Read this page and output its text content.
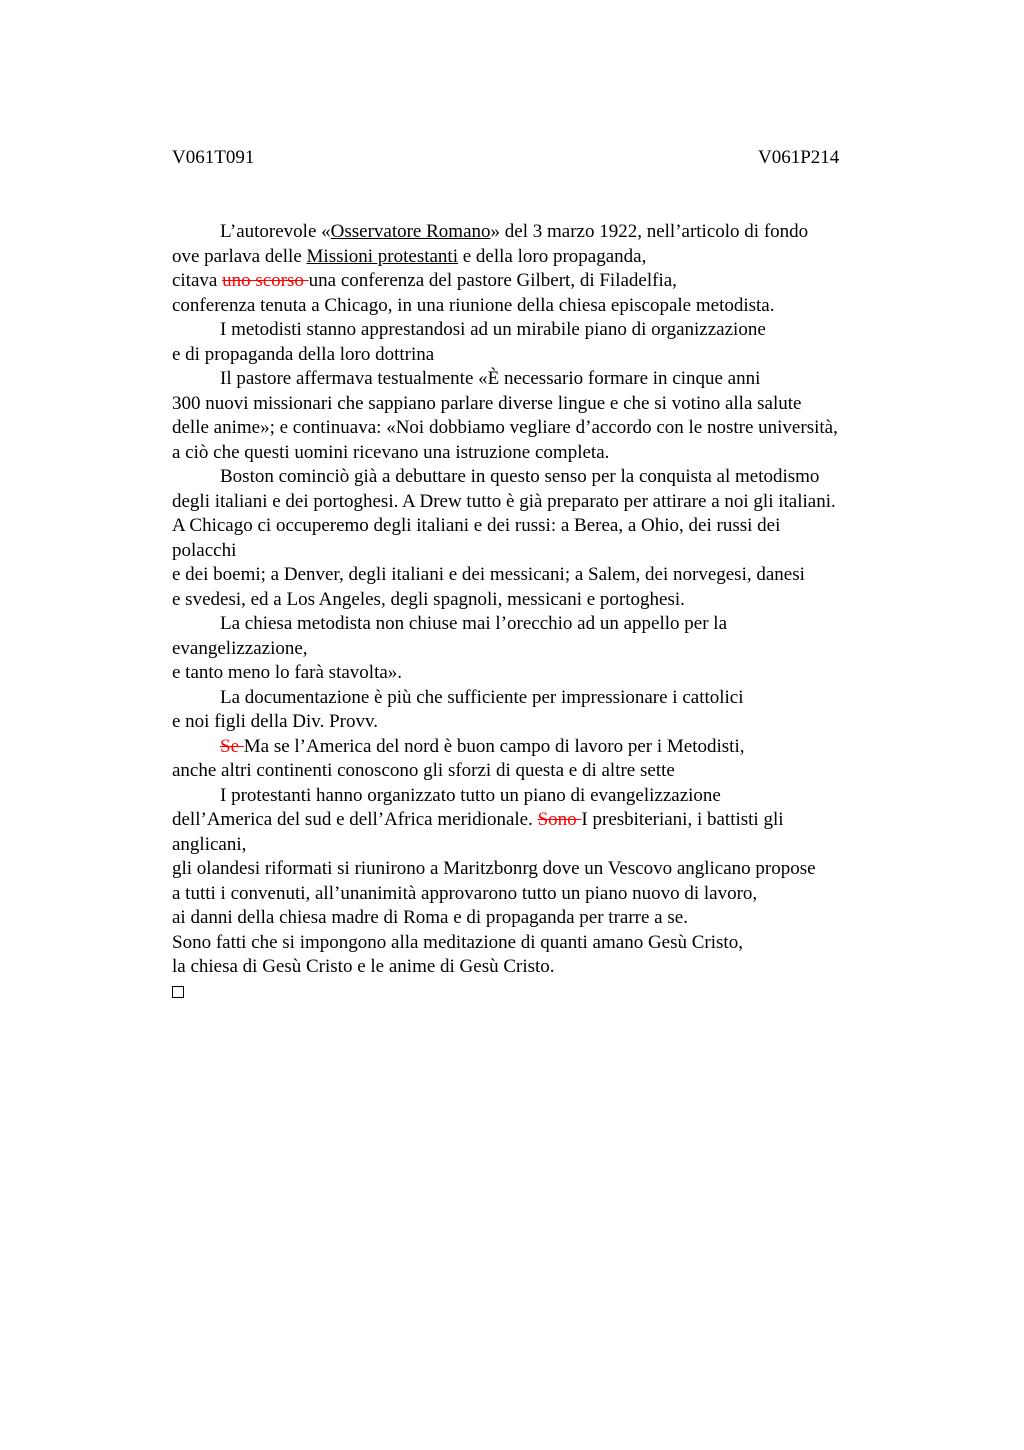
V061T091	V061P214
L’autorevole «Osservatore Romano» del 3 marzo 1922, nell’articolo di fondo
ove parlava delle Missioni protestanti e della loro propaganda,
citava uno scorso una conferenza del pastore Gilbert, di Filadelfia,
conferenza tenuta a Chicago, in una riunione della chiesa episcopale metodista.
I metodisti stanno apprestandosi ad un mirabile piano di organizzazione
e di propaganda della loro dottrina
Il pastore affermava testualmente «È necessario formare in cinque anni
300 nuovi missionari che sappiano parlare diverse lingue e che si votino alla salute
delle anime»; e continuava: «Noi dobbiamo vegliare d’accordo con le nostre università,
a ciò che questi uomini ricevano una istruzione completa.
Boston cominciò già a debuttare in questo senso per la conquista al metodismo
degli italiani e dei portoghesi. A Drew tutto è già preparato per attirare a noi gli italiani.
A Chicago ci occuperemo degli italiani e dei russi: a Berea, a Ohio, dei russi dei
polacchi
e dei boemi; a Denver, degli italiani e dei messicani; a Salem, dei norvegesi, danesi
e svedesi, ed a Los Angeles, degli spagnoli, messicani e portoghesi.
La chiesa metodista non chiuse mai l’orecchio ad un appello per la
evangelizzazione,
e tanto meno lo farà stavolta».
La documentazione è più che sufficiente per impressionare i cattolici
e noi figli della Div. Provv.
Se Ma se l’America del nord è buon campo di lavoro per i Metodisti,
anche altri continenti conoscono gli sforzi di questa e di altre sette
I protestanti hanno organizzato tutto un piano di evangelizzazione
dell’America del sud e dell’Africa meridionale. Sono I presbiteriani, i battisti gli
anglicani,
gli olandesi riformati si riunirono a Maritzbonrg dove un Vescovo anglicano propose
a tutti i convenuti, all’unanimità approvarono tutto un piano nuovo di lavoro,
ai danni della chiesa madre di Roma e di propaganda per trarre a se.
Sono fatti che si impongono alla meditazione di quanti amano Gesù Cristo,
la chiesa di Gesù Cristo e le anime di Gesù Cristo.
